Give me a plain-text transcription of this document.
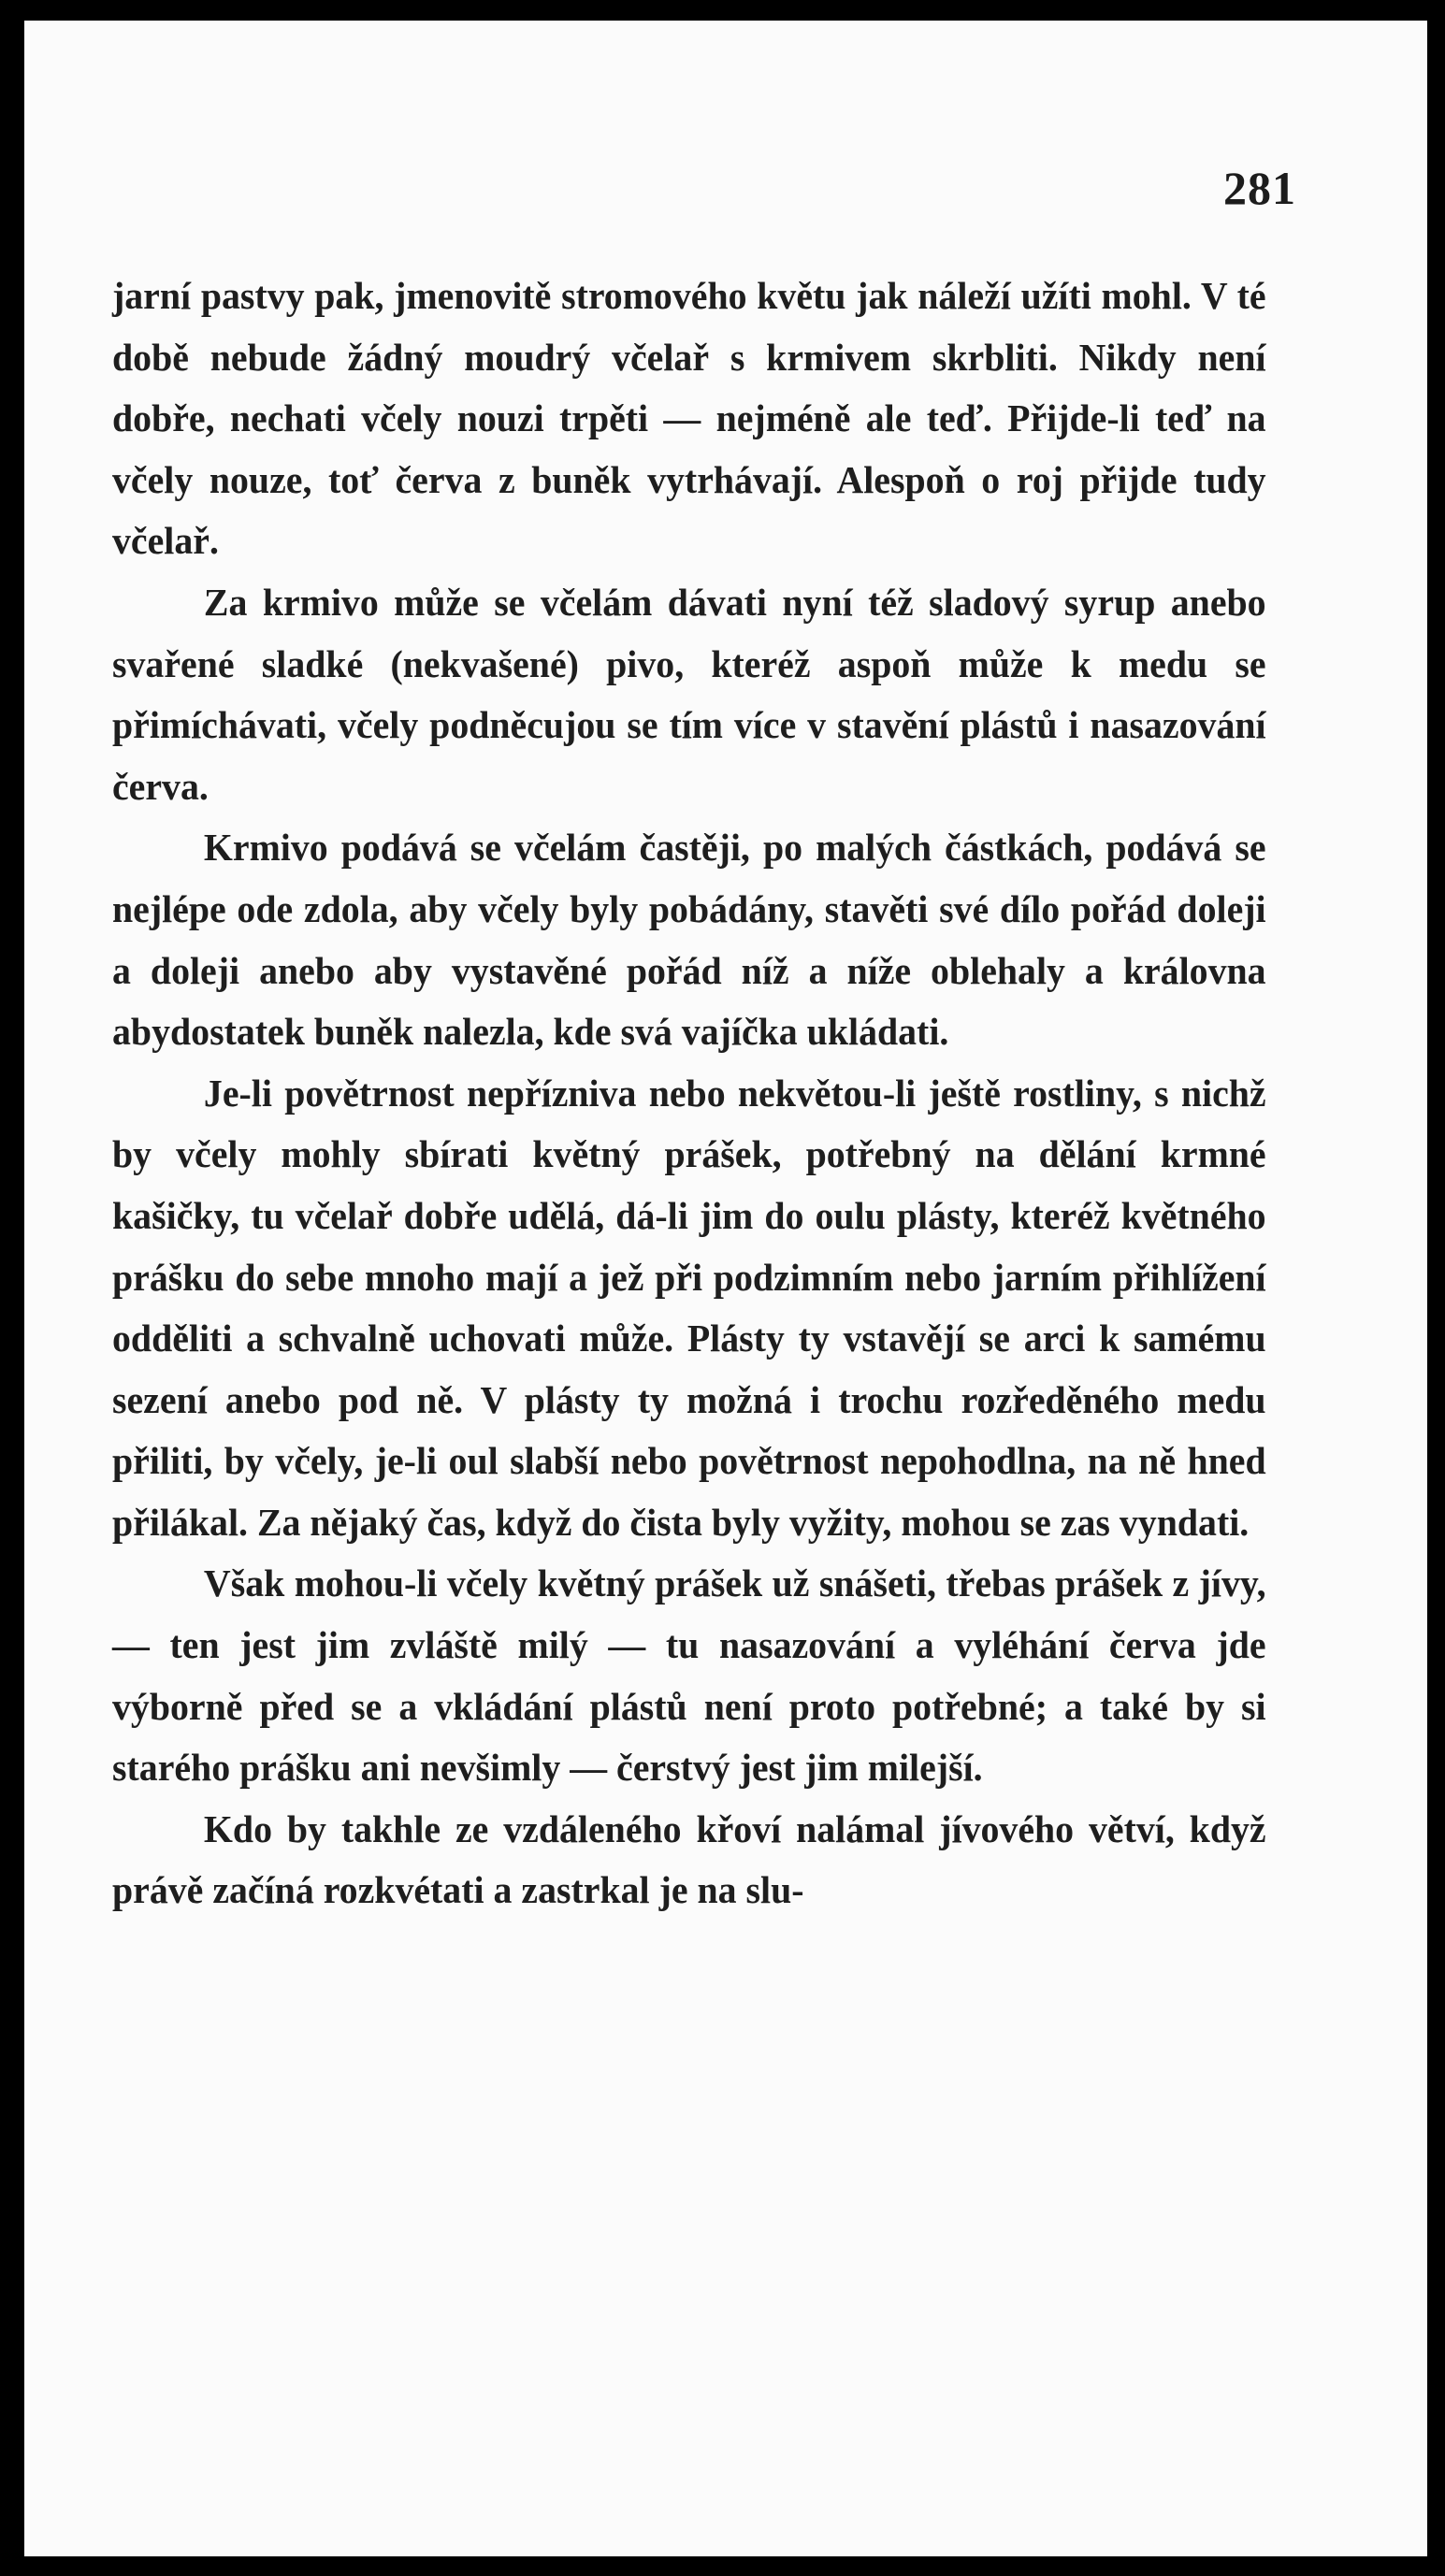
281

jarní pastvy pak, jmenovitě stromového květu jak náleží užíti mohl. V té době nebude žádný moudrý včelař s krmivem skrbliti. Nikdy není dobře, nechati včely nouzi trpěti — nejméně ale teď. Přijde-li teď na včely nouze, toť červa z buněk vytrhávají. Alespoň o roj přijde tudy včelař.

Za krmivo může se včelám dávati nyní též sladový syrup anebo svařené sladké (nekvašené) pivo, kteréž aspoň může k medu se přimíchávati, včely podněcujou se tím více v stavění plástů i nasazování červa.

Krmivo podává se včelám častěji, po malých částkách, podává se nejlépe ode zdola, aby včely byly pobádány, stavěti své dílo pořád doleji a doleji anebo aby vystavěné pořád níž a níže oblehaly a královna abydostatek buněk nalezla, kde svá vajíčka ukládati.

Je-li povětrnost nepřízniva nebo nekvětou-li ještě rostliny, s nichž by včely mohly sbírati květný prášek, potřebný na dělání krmné kašičky, tu včelař dobře udělá, dá-li jim do oulu plásty, kteréž květného prášku do sebe mnoho mají a jež při podzimním nebo jarním přihlížení odděliti a schvalně uchovati může. Plásty ty vstavějí se arci k samému sezení anebo pod ně. V plásty ty možná i trochu rozředěného medu přiliti, by včely, je-li oul slabší nebo povětrnost nepohodlna, na ně hned přilákal. Za nějaký čas, když do čista byly vyžity, mohou se zas vyndati.

Však mohou-li včely květný prášek už snášeti, třebas prášek z jívy, — ten jest jim zvláště milý — tu nasazování a vyléhání červa jde výborně před se a vkládání plástů není proto potřebné; a také by si starého prášku ani nevšimly — čerstvý jest jim milejší.

Kdo by takhle ze vzdáleného křoví nalámal jívového větví, když právě začíná rozkvétati a zastrkal je na slu-
